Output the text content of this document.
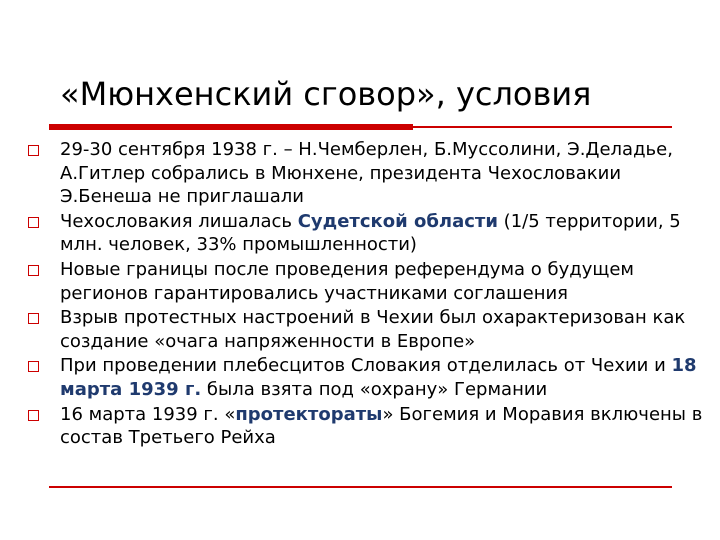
«Мюнхенский сговор», условия
29-30 сентября 1938 г. – Н.Чемберлен, Б.Муссолини, Э.Деладье, А.Гитлер собрались в Мюнхене, президента Чехословакии Э.Бенеша не приглашали
Чехословакия лишалась Судетской области (1/5 территории, 5 млн. человек, 33% промышленности)
Новые границы после проведения референдума о будущем регионов гарантировались участниками соглашения
Взрыв протестных настроений в Чехии был охарактеризован как создание «очага напряженности в Европе»
При проведении плебесцитов Словакия отделилась от Чехии и 18 марта 1939 г. была взята под «охрану» Германии
16 марта 1939 г. «протектораты» Богемия и Моравия включены в состав Третьего Рейха
